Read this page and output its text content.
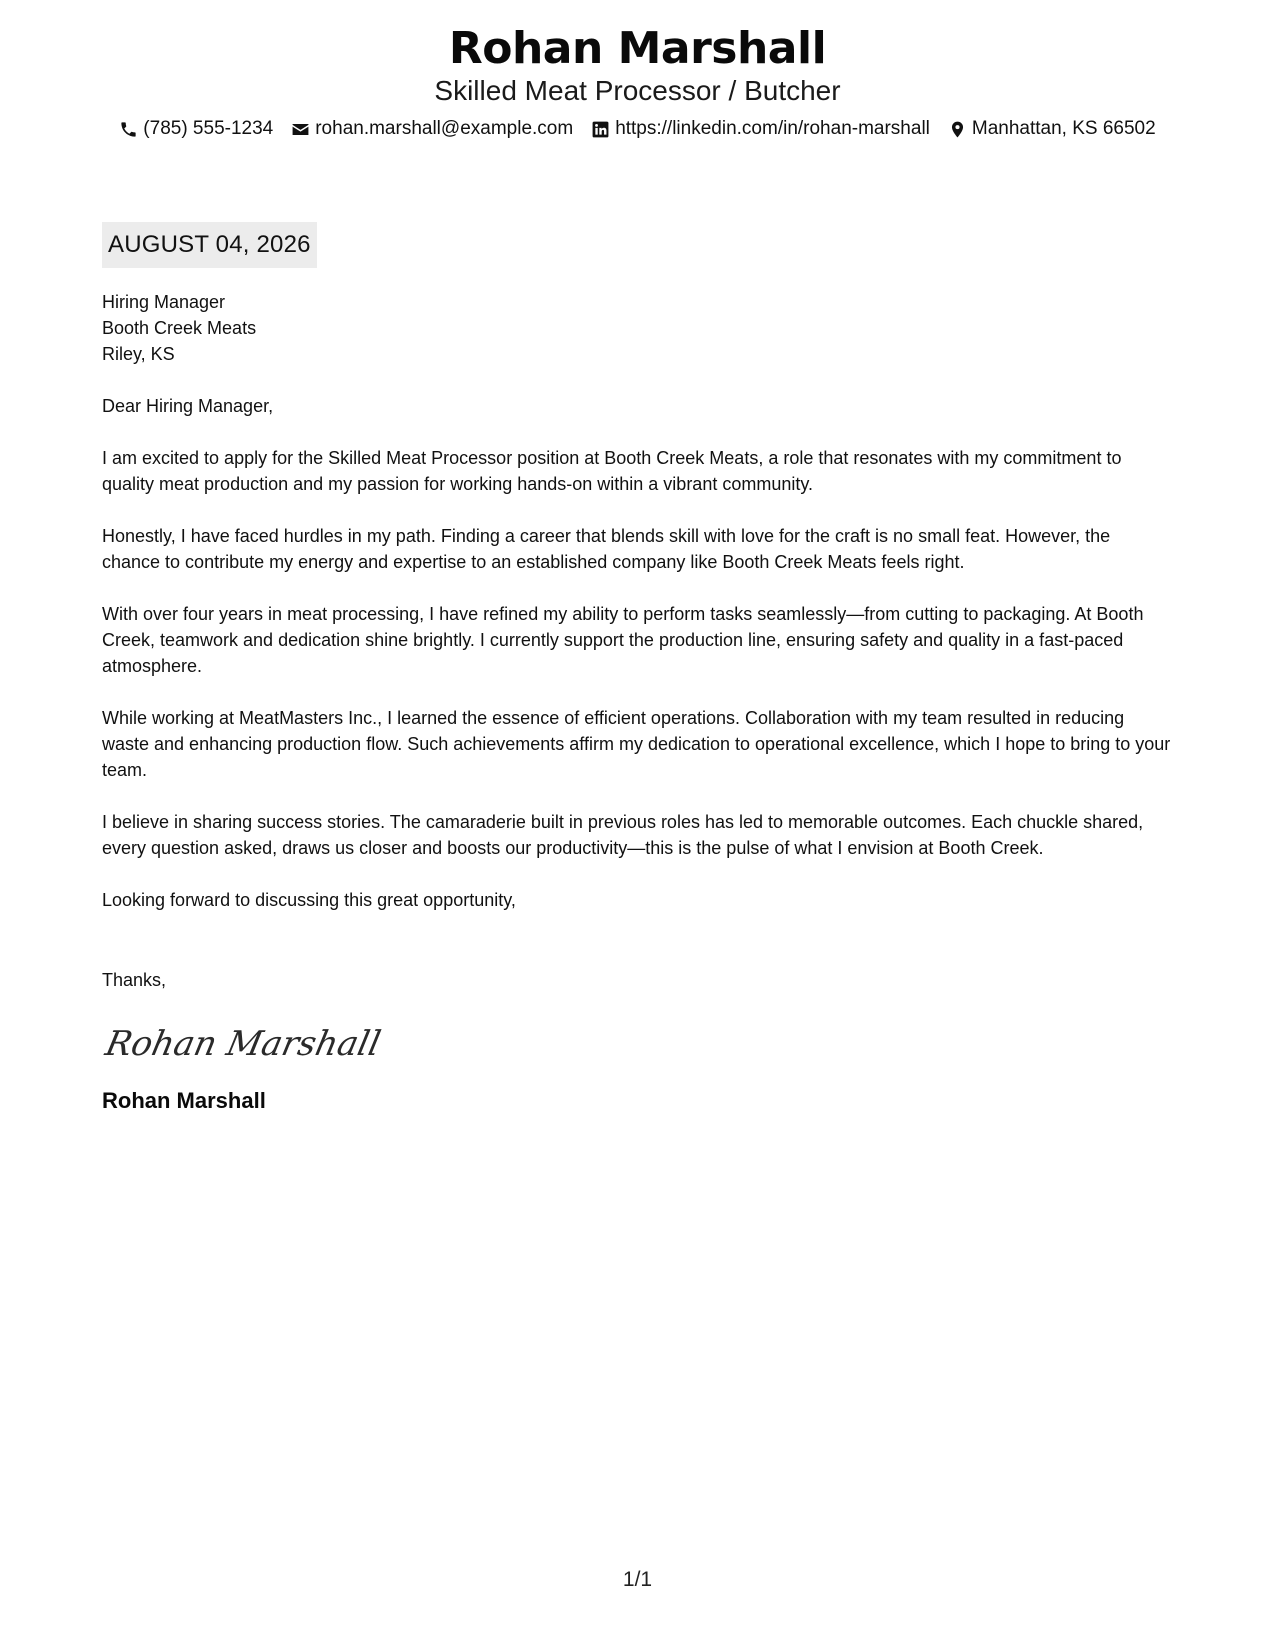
Rohan Marshall
Skilled Meat Processor / Butcher
(785) 555-1234 rohan.marshall@example.com https://linkedin.com/in/rohan-marshall Manhattan, KS 66502
AUGUST 04, 2026
Hiring Manager
Booth Creek Meats
Riley, KS

Dear Hiring Manager,

I am excited to apply for the Skilled Meat Processor position at Booth Creek Meats, a role that resonates with my commitment to quality meat production and my passion for working hands-on within a vibrant community.

Honestly, I have faced hurdles in my path. Finding a career that blends skill with love for the craft is no small feat. However, the chance to contribute my energy and expertise to an established company like Booth Creek Meats feels right.

With over four years in meat processing, I have refined my ability to perform tasks seamlessly—from cutting to packaging. At Booth Creek, teamwork and dedication shine brightly. I currently support the production line, ensuring safety and quality in a fast-paced atmosphere.

While working at MeatMasters Inc., I learned the essence of efficient operations. Collaboration with my team resulted in reducing waste and enhancing production flow. Such achievements affirm my dedication to operational excellence, which I hope to bring to your team.

I believe in sharing success stories. The camaraderie built in previous roles has led to memorable outcomes. Each chuckle shared, every question asked, draws us closer and boosts our productivity—this is the pulse of what I envision at Booth Creek.

Looking forward to discussing this great opportunity,

Thanks,

Rohan Marshall
Rohan Marshall
1/1
